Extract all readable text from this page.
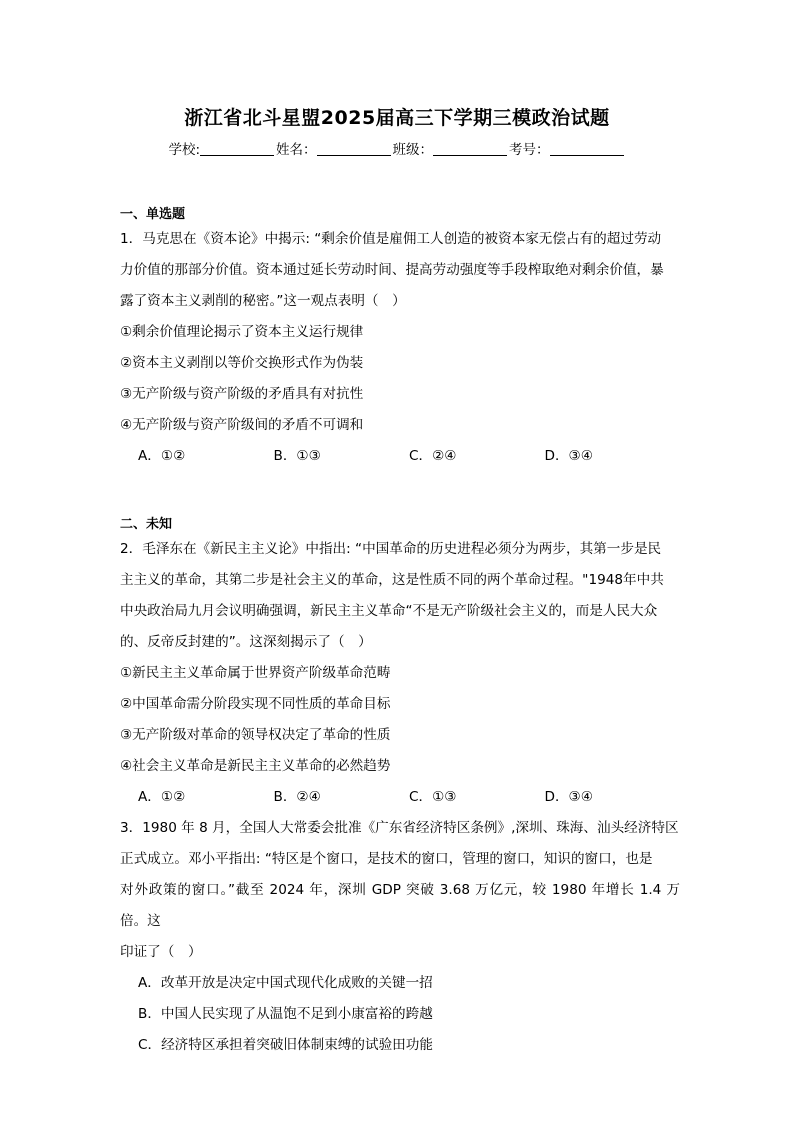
浙江省北斗星盟2025届高三下学期三模政治试题
学校:	姓名：	班级：	考号：
一、单选题

1．马克思在《资本论》中揭示: “剩余价值是雇佣工人创造的被资本家无偿占有的超过劳动

力价值的那部分价值。资本通过延长劳动时间、提高劳动强度等手段榨取绝对剩余价值，暴

露了资本主义剥削的秘密。”这一观点表明（　）

①剩余价值理论揭示了资本主义运行规律

②资本主义剥削以等价交换形式作为伪装

③无产阶级与资产阶级的矛盾具有对抗性

④无产阶级与资产阶级间的矛盾不可调和

A．①②	B．①③	C．②④	D．③④
二、未知

2．毛泽东在《新民主主义论》中指出: “中国革命的历史进程必须分为两步，其第一步是民

主主义的革命，其第二步是社会主义的革命，这是性质不同的两个革命过程。"1948年中共

中央政治局九月会议明确强调，新民主主义革命“不是无产阶级社会主义的，而是人民大众

的、反帝反封建的”。这深刻揭示了（　）

①新民主主义革命属于世界资产阶级革命范畴

②中国革命需分阶段实现不同性质的革命目标

③无产阶级对革命的领导权决定了革命的性质

④社会主义革命是新民主主义革命的必然趋势

A．①②	B．②④	C．①③	D．③④

3．1980 年 8 月，全国人大常委会批准《广东省经济特区条例》,深圳、珠海、汕头经济特区

正式成立。邓小平指出: “特区是个窗口，是技术的窗口，管理的窗口，知识的窗口，也是

对外政策的窗口。”截至 2024 年，深圳 GDP 突破 3.68 万亿元，较 1980 年增长 1.4 万倍。这

印证了（　）

A．改革开放是决定中国式现代化成败的关键一招

B．中国人民实现了从温饱不足到小康富裕的跨越

C．经济特区承担着突破旧体制束缚的试验田功能
